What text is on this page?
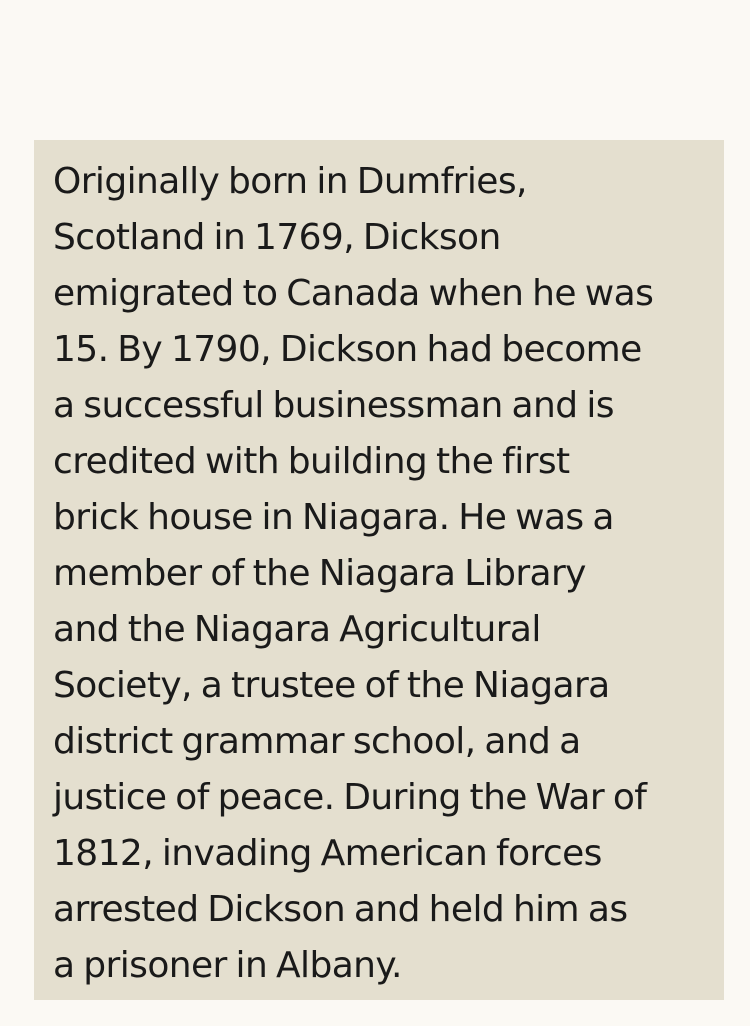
Originally born in Dumfries,

Scotland in 1769, Dickson

emigrated to Canada when he was

15. By 1790, Dickson had become

a successful businessman and is

credited with building the first

brick house in Niagara. He was a

member of the Niagara Library

and the Niagara Agricultural

Society, a trustee of the Niagara

district grammar school, and a

justice of peace. During the War of

1812, invading American forces

arrested Dickson and held him as

a prisoner in Albany.
